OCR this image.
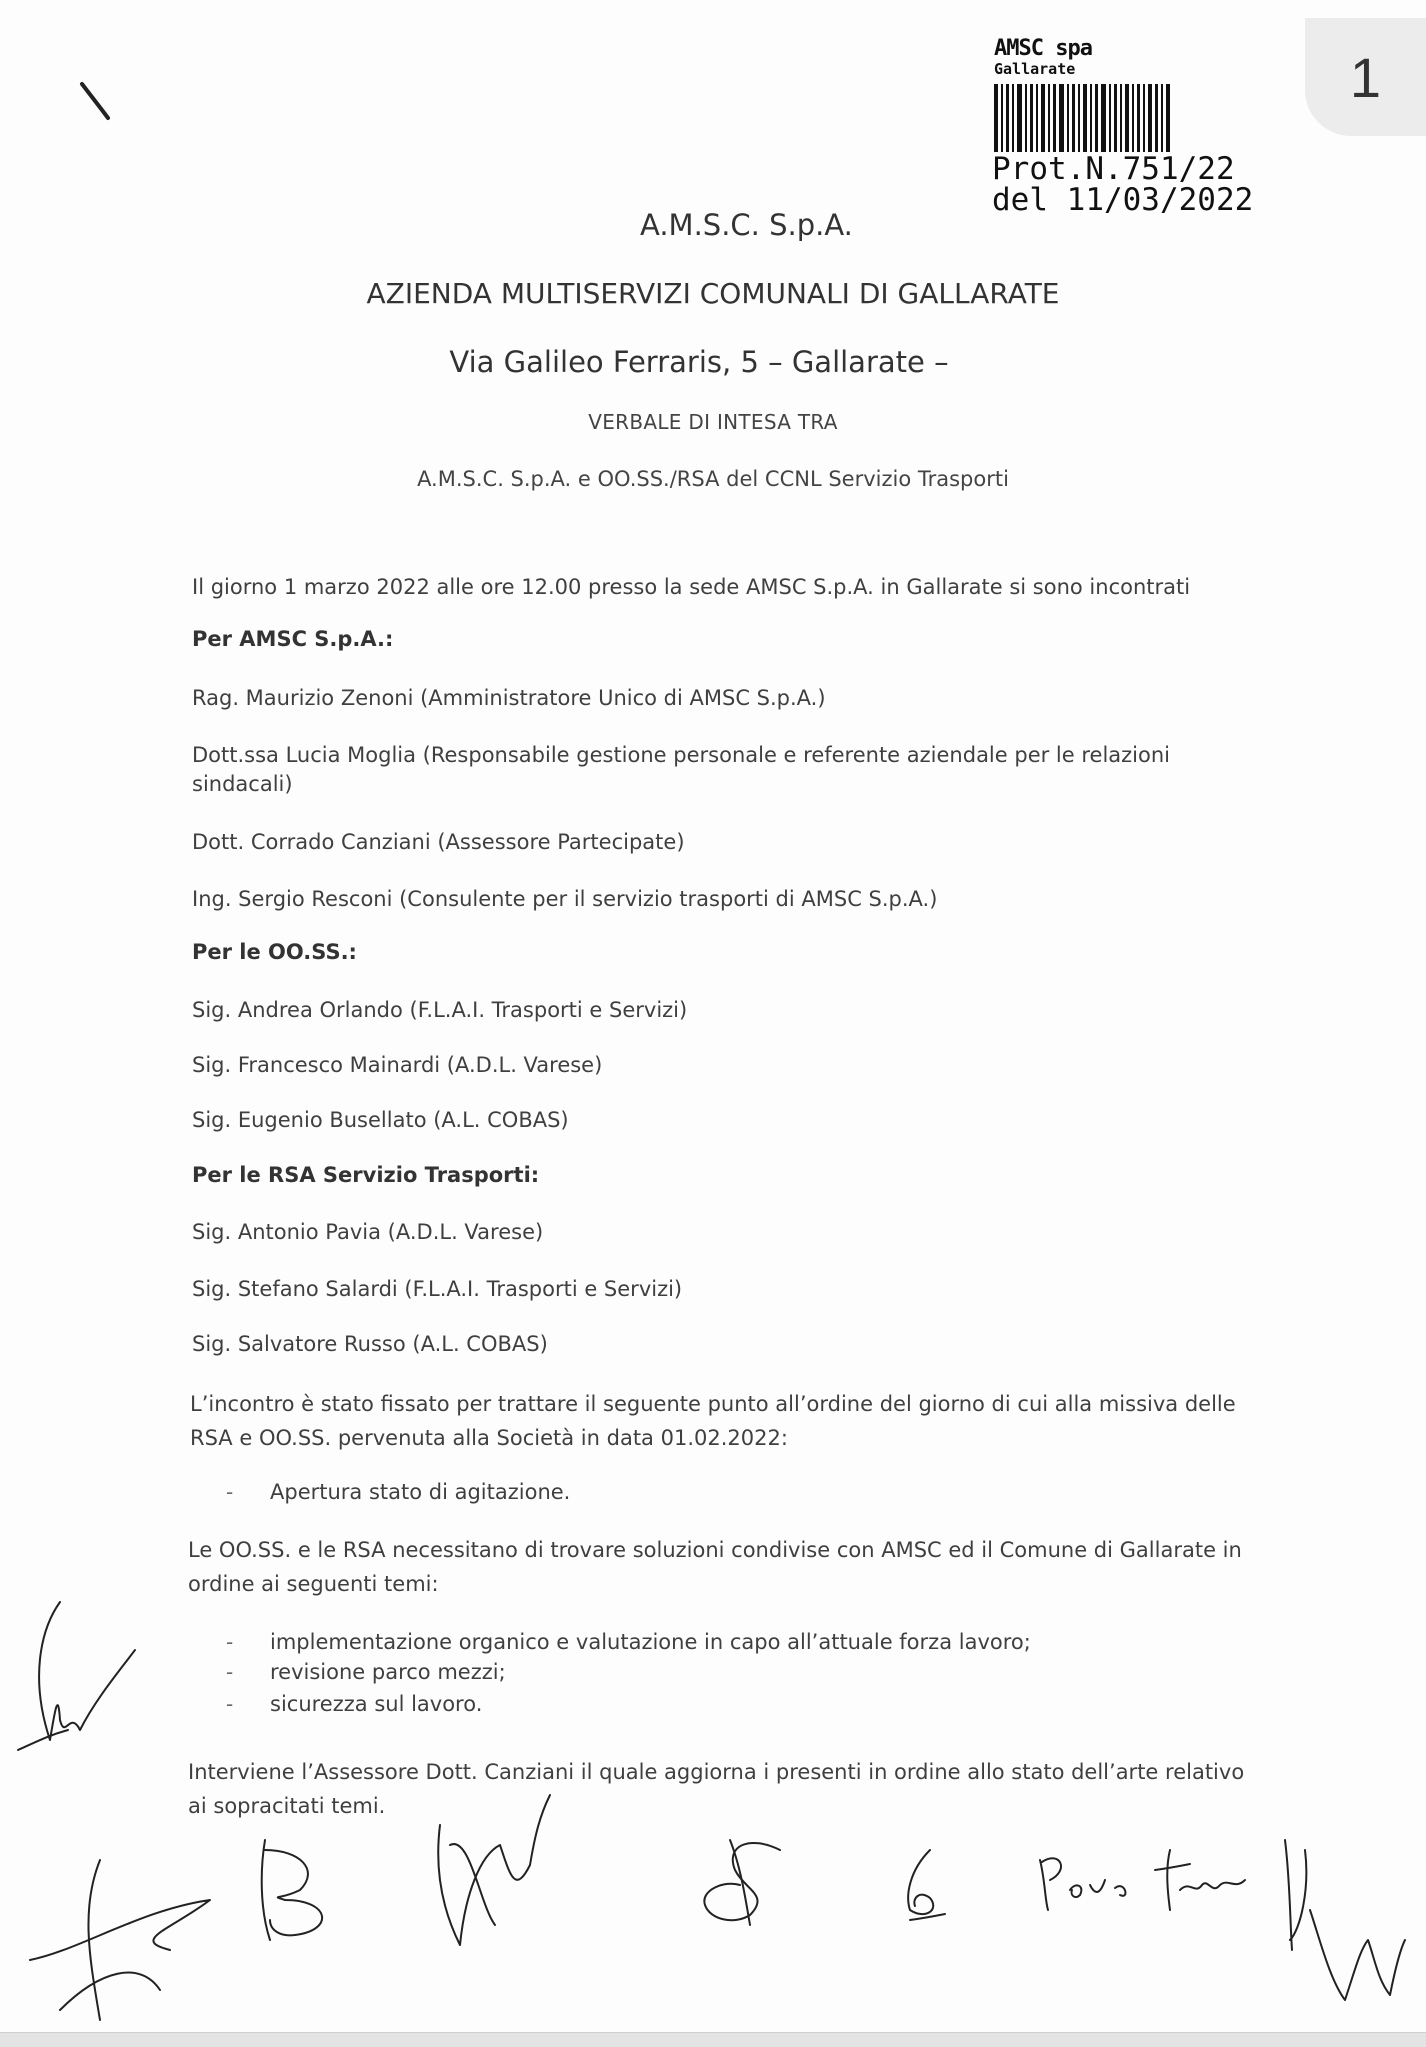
1
AMSC spa
Gallarate
Prot.N.751/22
del 11/03/2022
A.M.S.C. S.p.A.
AZIENDA MULTISERVIZI COMUNALI DI GALLARATE
Via Galileo Ferraris, 5 – Gallarate –
VERBALE DI INTESA TRA
A.M.S.C. S.p.A. e OO.SS./RSA del CCNL Servizio Trasporti
Il giorno 1 marzo 2022 alle ore 12.00 presso la sede AMSC S.p.A. in Gallarate si sono incontrati
Per AMSC S.p.A.:
Rag. Maurizio Zenoni (Amministratore Unico di AMSC S.p.A.)
Dott.ssa Lucia Moglia (Responsabile gestione personale e referente aziendale per le relazioni
sindacali)
Dott. Corrado Canziani (Assessore Partecipate)
Ing. Sergio Resconi (Consulente per il servizio trasporti di AMSC S.p.A.)
Per le OO.SS.:
Sig. Andrea Orlando (F.L.A.I. Trasporti e Servizi)
Sig. Francesco Mainardi (A.D.L. Varese)
Sig. Eugenio Busellato (A.L. COBAS)
Per le RSA Servizio Trasporti:
Sig. Antonio Pavia (A.D.L. Varese)
Sig. Stefano Salardi (F.L.A.I. Trasporti e Servizi)
Sig. Salvatore Russo (A.L. COBAS)
L’incontro è stato fissato per trattare il seguente punto all’ordine del giorno di cui alla missiva delle
RSA e OO.SS. pervenuta alla Società in data 01.02.2022:
- Apertura stato di agitazione.
Le OO.SS. e le RSA necessitano di trovare soluzioni condivise con AMSC ed il Comune di Gallarate in
ordine ai seguenti temi:
- implementazione organico e valutazione in capo all’attuale forza lavoro;
- revisione parco mezzi;
- sicurezza sul lavoro.
Interviene l’Assessore Dott. Canziani il quale aggiorna i presenti in ordine allo stato dell’arte relativo
ai sopracitati temi.
